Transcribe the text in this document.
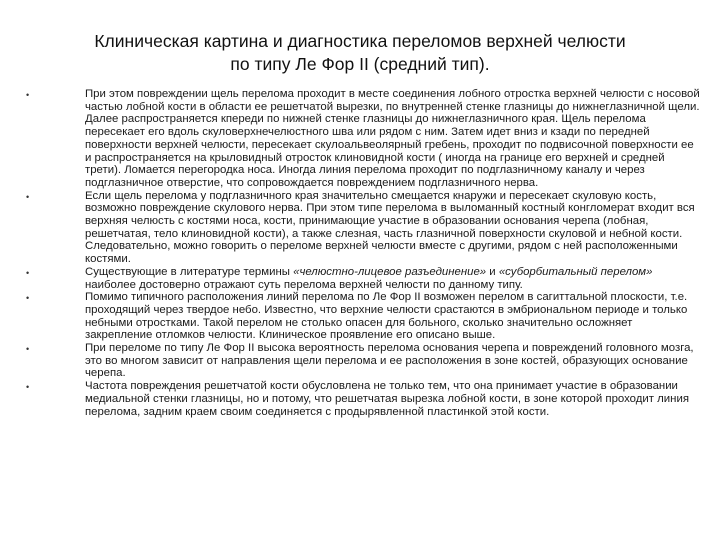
Клиническая картина и диагностика переломов верхней челюсти
по типу Ле Фор II (средний тип).
•	При этом повреждении щель перелома проходит в месте соединения лобного отростка верхней челюсти с носовой частью лобной кости в области ее решетчатой вырезки, по внутренней стенке глазницы до нижнеглазничной щели. Далее распространяется кпереди по нижней стенке глазницы до нижнеглазничного края. Щель перелома пересекает его вдоль скуловерхнечелюстного шва или рядом с ним. Затем идет вниз и кзади по передней поверхности верхней челюсти, пересекает скулоальвеолярный гребень, проходит по подвисочной поверхности ее и распространяется на крыловидный отросток клиновидной кости ( иногда на границе его верхней и средней трети). Ломается перегородка носа. Иногда линия перелома проходит по подглазничному каналу и через подглазничное отверстие, что сопровождается повреждением подглазничного нерва.
•	Если щель перелома у подглазничного края значительно смещается кнаружи и пересекает скуловую кость, возможно повреждение скулового нерва. При этом типе перелома в выломанный костный конгломерат входит вся верхняя челюсть с костями носа, кости, принимающие участие в образовании основания черепа (лобная, решетчатая, тело клиновидной кости), а также слезная, часть глазничной поверхности скуловой и небной кости. Следовательно, можно говорить о переломе верхней челюсти вместе с другими, рядом с ней расположенными костями.
•	Существующие в литературе термины «челюстно-лицевое разъединение» и «суборбитальный перелом» наиболее достоверно отражают суть перелома верхней челюсти по данному типу.
•	Помимо типичного расположения линий перелома по Ле Фор II возможен перелом в сагиттальной плоскости, т.е. проходящий через твердое небо. Известно, что верхние челюсти срастаются в эмбриональном периоде и только небными отростками. Такой перелом не столько опасен для больного, сколько значительно осложняет закрепление отломков челюсти. Клиническое проявление его описано выше.
•	При переломе по типу Ле Фор II высока вероятность перелома основания черепа и повреждений головного мозга, это во многом зависит от направления щели перелома и ее расположения в зоне костей, образующих основание черепа.
•	Частота повреждения решетчатой кости обусловлена не только тем, что она принимает участие в образовании медиальной стенки глазницы, но и потому, что решетчатая вырезка лобной кости, в зоне которой проходит линия перелома, задним краем своим соединяется с продырявленной пластинкой этой кости.
